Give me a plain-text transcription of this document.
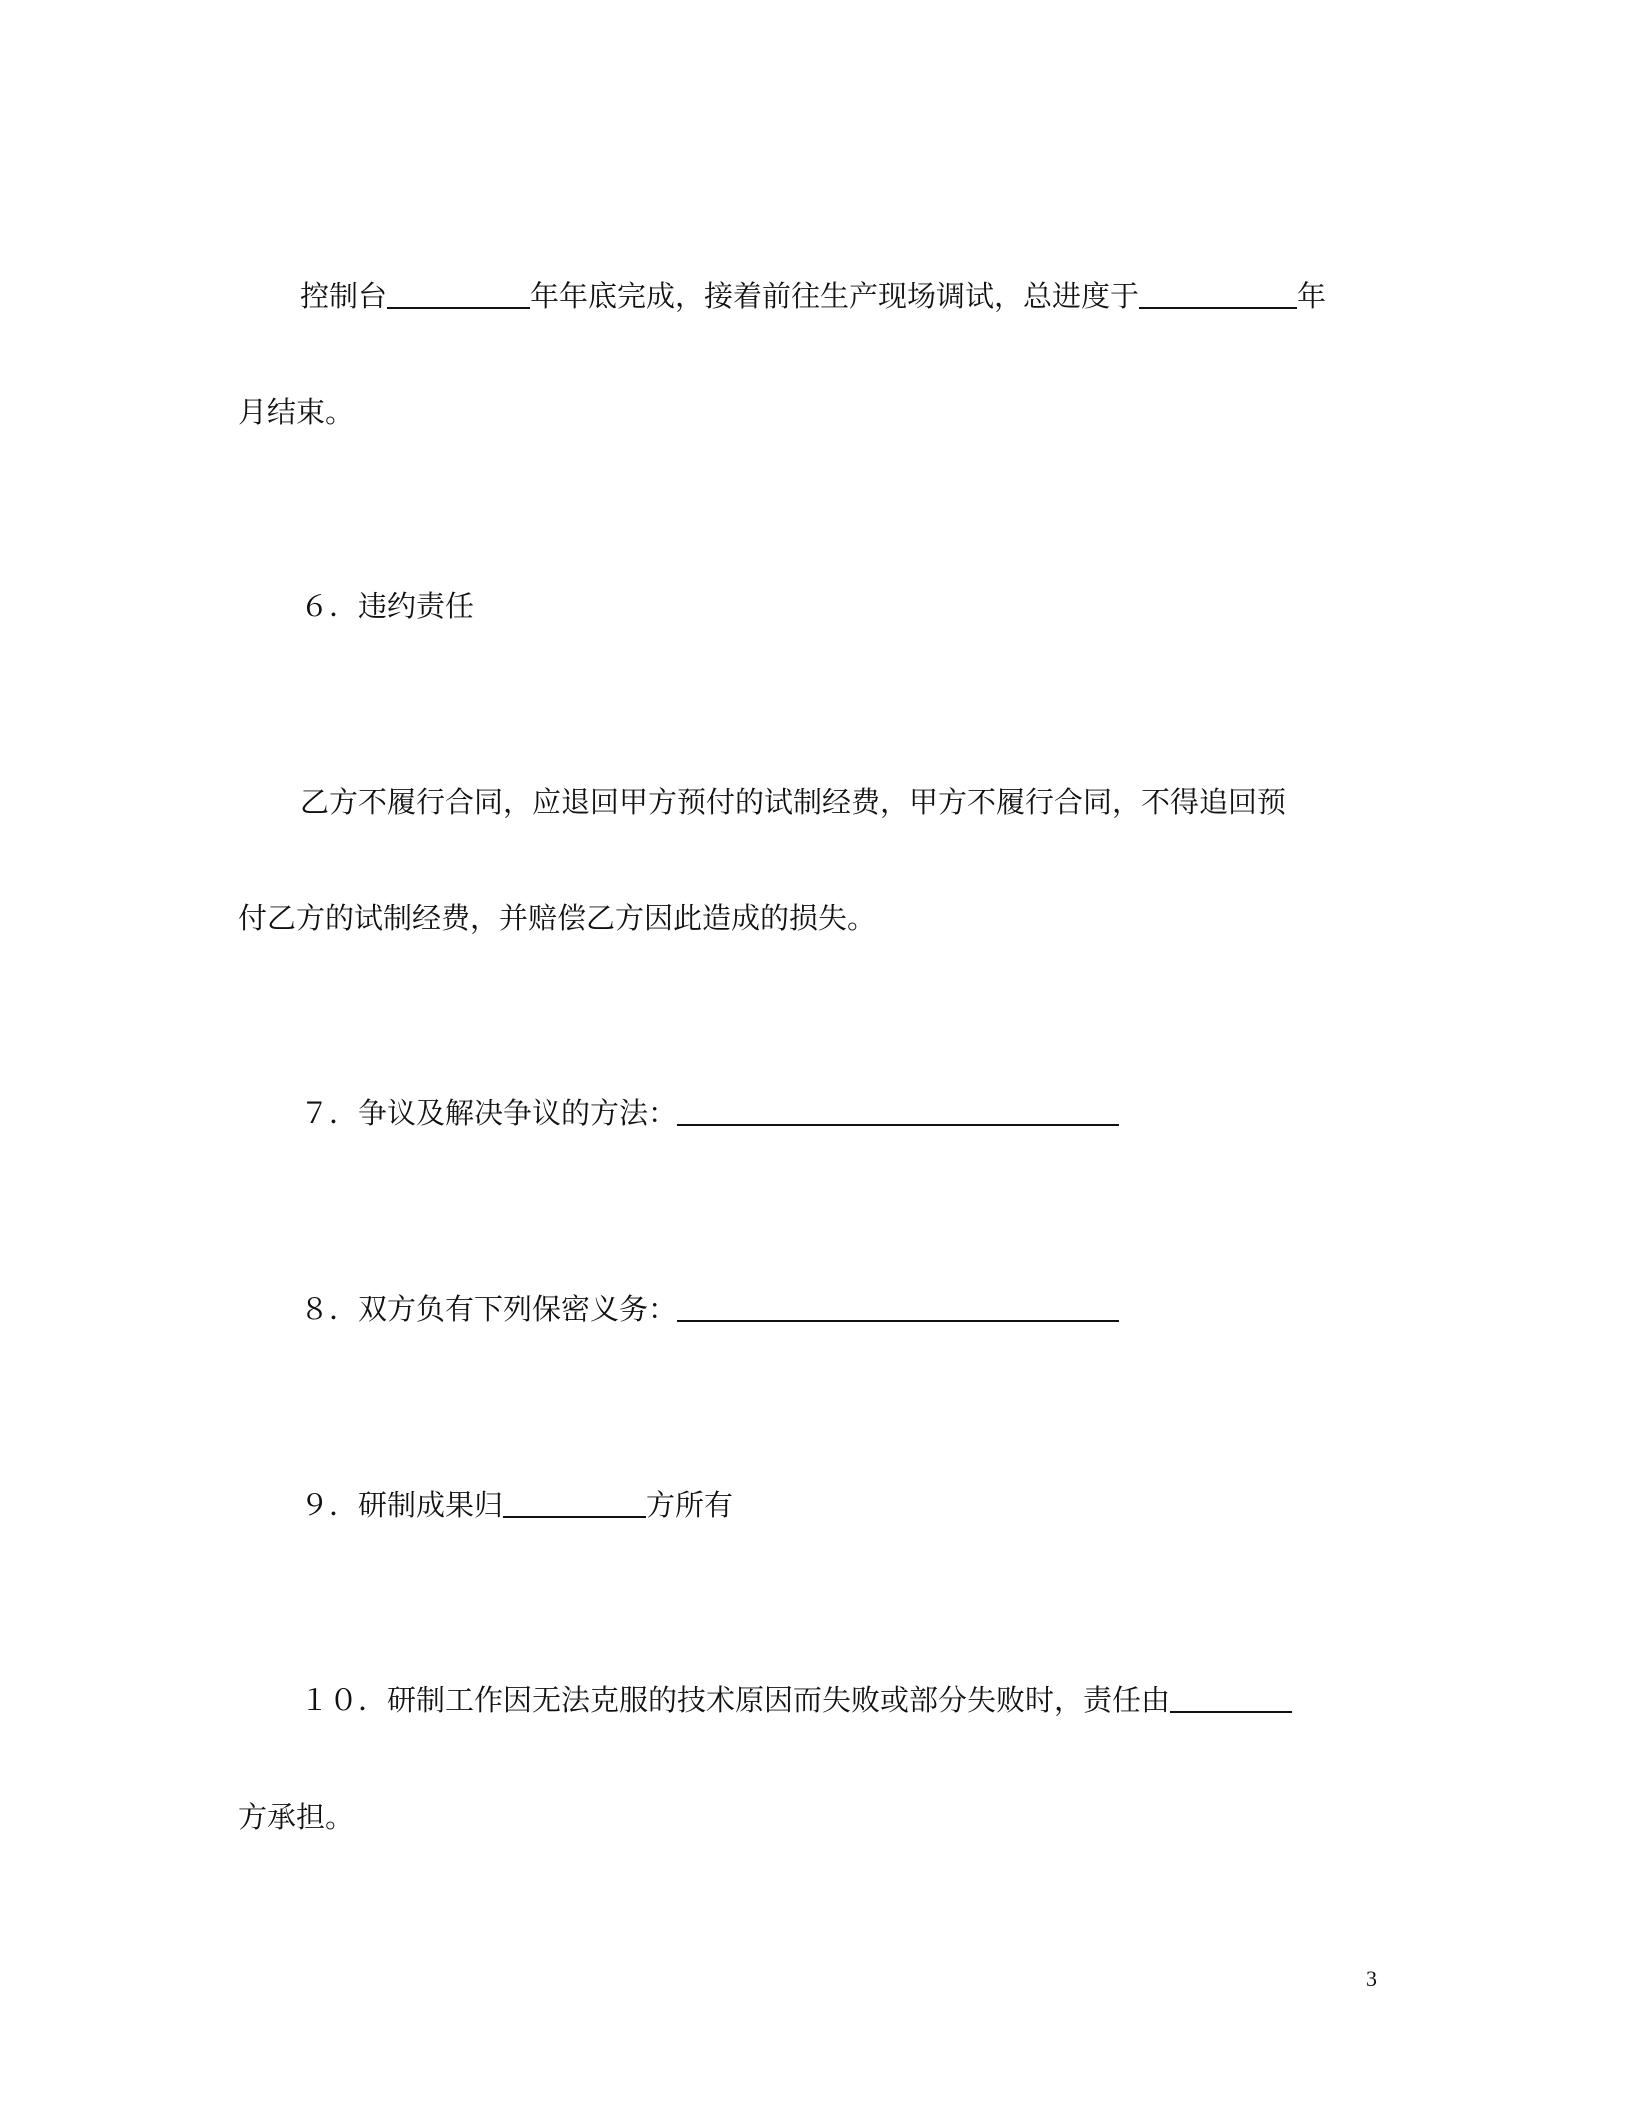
控制台	年年底完成，接着前往生产现场调试，总进度于	年
月结束。
６．违约责任
乙方不履行合同，应退回甲方预付的试制经费，甲方不履行合同，不得追回预
付乙方的试制经费，并赔偿乙方因此造成的损失。
７．争议及解决争议的方法：
８．双方负有下列保密义务：
９．研制成果归	方所有
１０．研制工作因无法克服的技术原因而失败或部分失败时，责任由
方承担。
3
